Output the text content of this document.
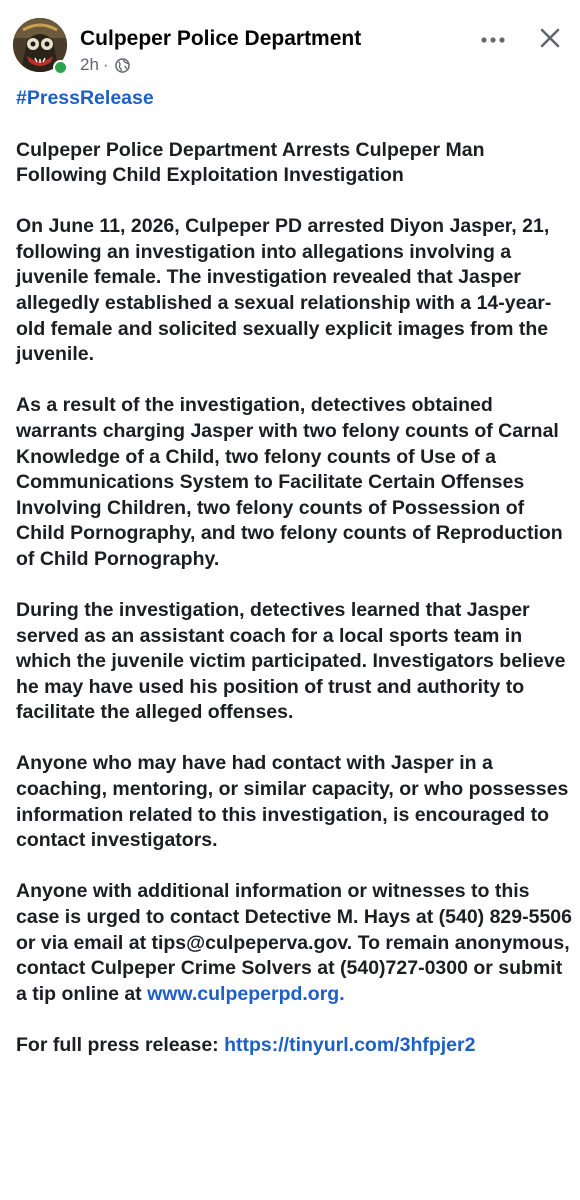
Culpeper Police Department
2h ·

#PressRelease

Culpeper Police Department Arrests Culpeper Man Following Child Exploitation Investigation

On June 11, 2026, Culpeper PD arrested Diyon Jasper, 21, following an investigation into allegations involving a juvenile female. The investigation revealed that Jasper allegedly established a sexual relationship with a 14-year-old female and solicited sexually explicit images from the juvenile.

As a result of the investigation, detectives obtained warrants charging Jasper with two felony counts of Carnal Knowledge of a Child, two felony counts of Use of a Communications System to Facilitate Certain Offenses Involving Children, two felony counts of Possession of Child Pornography, and two felony counts of Reproduction of Child Pornography.

During the investigation, detectives learned that Jasper served as an assistant coach for a local sports team in which the juvenile victim participated. Investigators believe he may have used his position of trust and authority to facilitate the alleged offenses.

Anyone who may have had contact with Jasper in a coaching, mentoring, or similar capacity, or who possesses information related to this investigation, is encouraged to contact investigators.

Anyone with additional information or witnesses to this case is urged to contact Detective M. Hays at (540) 829-5506 or via email at tips@culpeperva.gov. To remain anonymous, contact Culpeper Crime Solvers at (540)727-0300 or submit a tip online at www.culpeperpd.org.

For full press release: https://tinyurl.com/3hfpjer2
